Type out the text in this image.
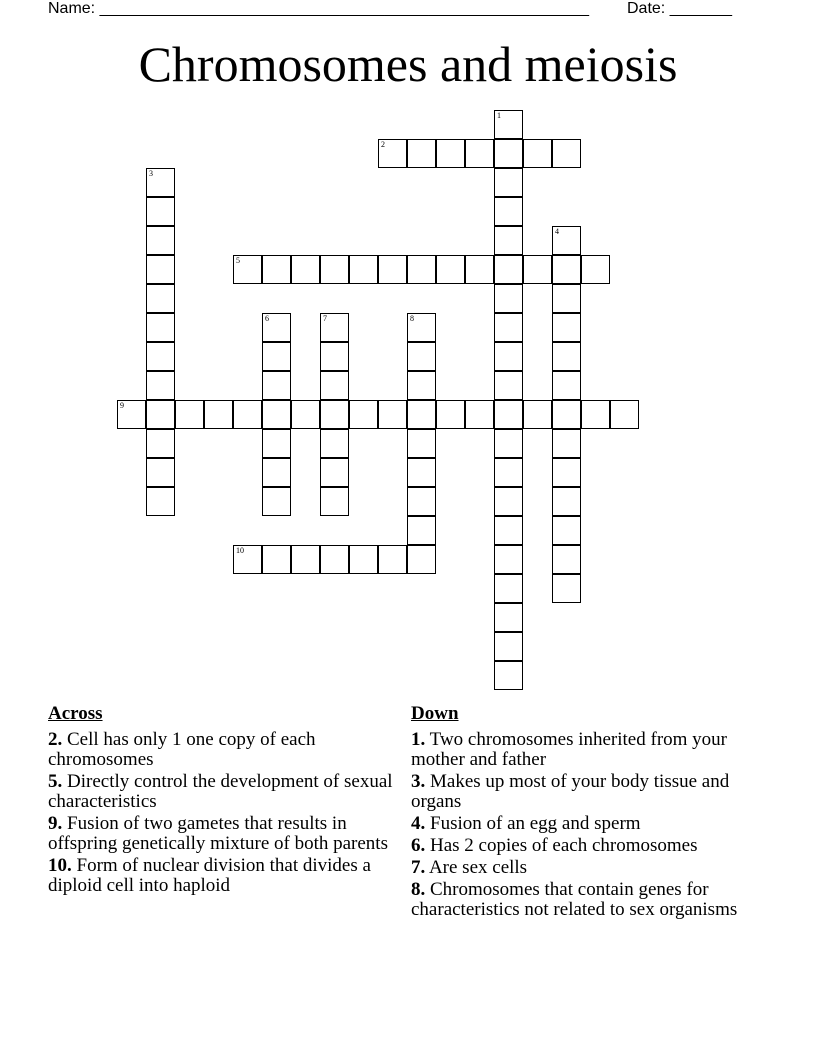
Name: _______________________________________________________ Date: _______
Chromosomes and meiosis
1
2
3
4
5
6	7	8
9
10
Across
2. Cell has only 1 one copy of each chromosomes
5. Directly control the development of sexual characteristics
9. Fusion of two gametes that results in offspring genetically mixture of both parents
10. Form of nuclear division that divides a diploid cell into haploid
Down
1. Two chromosomes inherited from your mother and father
3. Makes up most of your body tissue and organs
4. Fusion of an egg and sperm
6. Has 2 copies of each chromosomes
7. Are sex cells
8. Chromosomes that contain genes for characteristics not related to sex organisms
